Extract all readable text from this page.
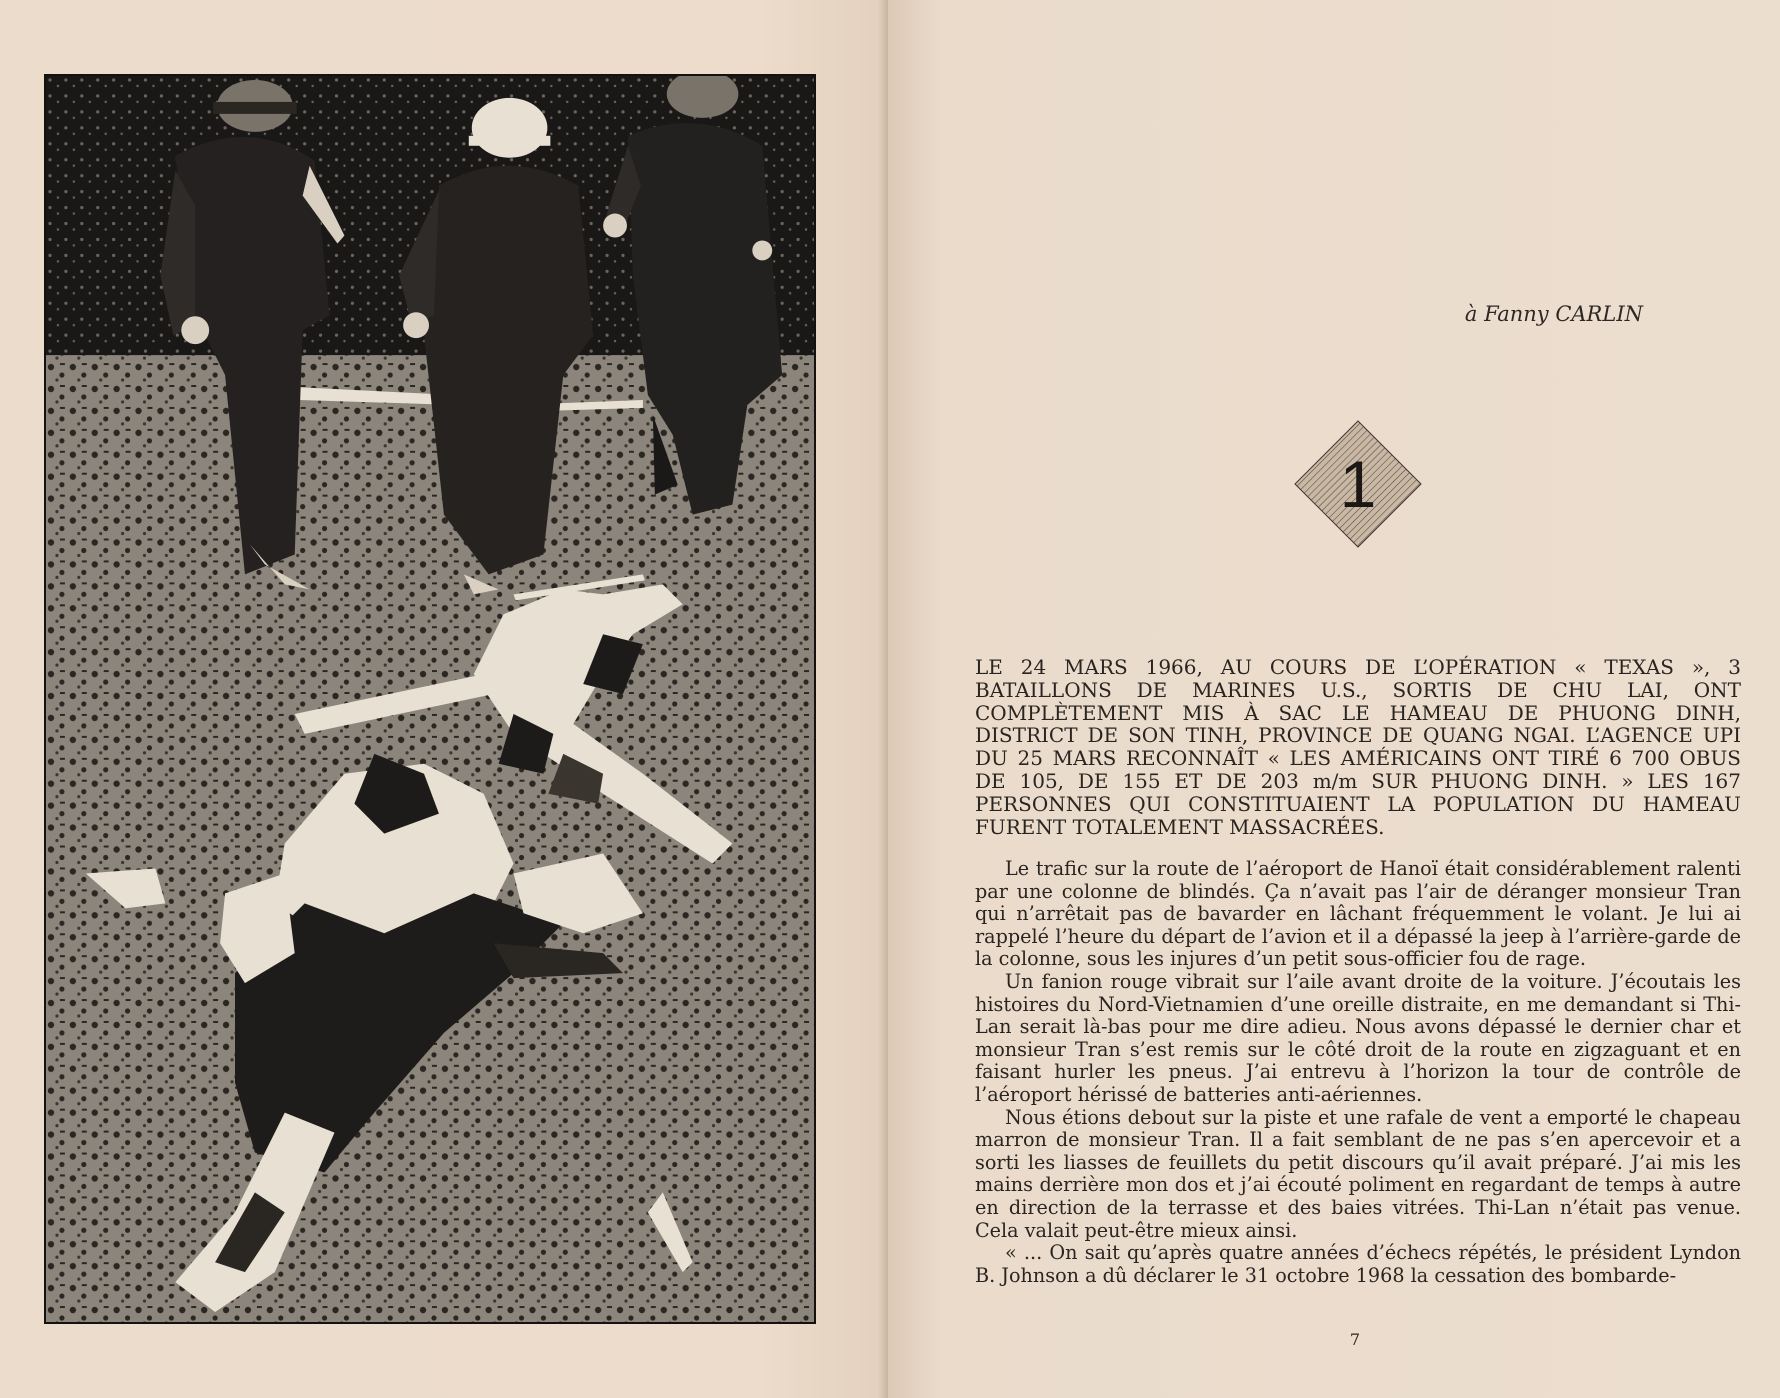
à Fanny CARLIN
1
LE 24 MARS 1966, AU COURS DE L’OPÉRATION « TEXAS », 3 BATAILLONS DE MARINES U.S., SORTIS DE CHU LAI, ONT COMPLÈTEMENT MIS À SAC LE HAMEAU DE PHUONG DINH, DISTRICT DE SON TINH, PROVINCE DE QUANG NGAI. L’AGENCE UPI DU 25 MARS RECONNAÎT « LES AMÉRICAINS ONT TIRÉ 6 700 OBUS DE 105, DE 155 ET DE 203 m/m SUR PHUONG DINH. » LES 167 PERSONNES QUI CONSTITUAIENT LA POPULATION DU HAMEAU FURENT TOTALEMENT MASSACRÉES.

Le trafic sur la route de l’aéroport de Hanoï était considérablement ralenti par une colonne de blindés. Ça n’avait pas l’air de déranger monsieur Tran qui n’arrêtait pas de bavarder en lâchant fréquemment le volant. Je lui ai rappelé l’heure du départ de l’avion et il a dépassé la jeep à l’arrière-garde de la colonne, sous les injures d’un petit sous-officier fou de rage.

Un fanion rouge vibrait sur l’aile avant droite de la voiture. J’écoutais les histoires du Nord-Vietnamien d’une oreille distraite, en me demandant si Thi-Lan serait là-bas pour me dire adieu. Nous avons dépassé le dernier char et monsieur Tran s’est remis sur le côté droit de la route en zigzaguant et en faisant hurler les pneus. J’ai entrevu à l’horizon la tour de contrôle de l’aéroport hérissé de batteries anti-aériennes.

Nous étions debout sur la piste et une rafale de vent a emporté le chapeau marron de monsieur Tran. Il a fait semblant de ne pas s’en apercevoir et a sorti les liasses de feuillets du petit discours qu’il avait préparé. J’ai mis les mains derrière mon dos et j’ai écouté poliment en regardant de temps à autre en direction de la terrasse et des baies vitrées. Thi-Lan n’était pas venue. Cela valait peut-être mieux ainsi.

« ... On sait qu’après quatre années d’échecs répétés, le président Lyndon B. Johnson a dû déclarer le 31 octobre 1968 la cessation des bombarde-

7
